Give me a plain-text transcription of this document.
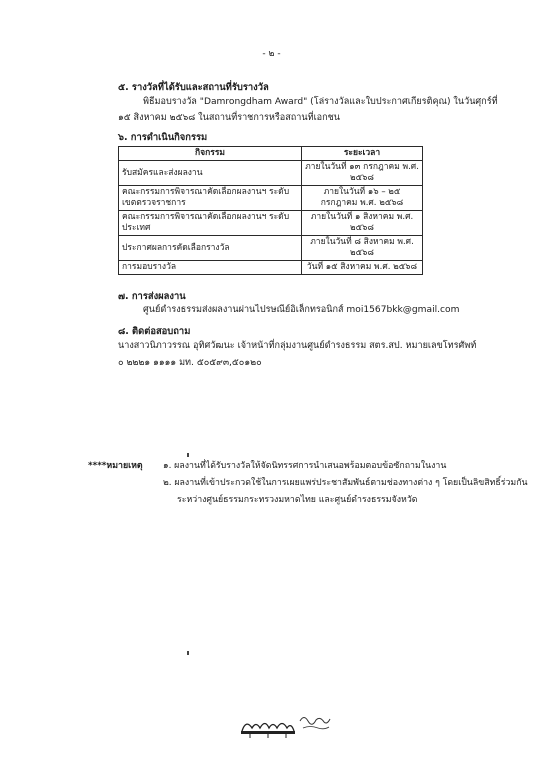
- ๒ -
๕. รางวัลที่ได้รับและสถานที่รับรางวัล
พิธีมอบรางวัล "Damrongdham Award" (โล่รางวัลและใบประกาศเกียรติคุณ) ในวันศุกร์ที่
๑๕ สิงหาคม ๒๕๖๘ ในสถานที่ราชการหรือสถานที่เอกชน
๖. การดำเนินกิจกรรม
กิจกรรม	ระยะเวลา
รับสมัครและส่งผลงาน	ภายในวันที่ ๑๓ กรกฎาคม พ.ศ. ๒๕๖๘
คณะกรรมการพิจารณาคัดเลือกผลงานฯ ระดับเขตตรวจราชการ	ภายในวันที่ ๑๖ – ๒๕ กรกฎาคม พ.ศ. ๒๕๖๘
คณะกรรมการพิจารณาคัดเลือกผลงานฯ ระดับประเทศ	ภายในวันที่ ๑ สิงหาคม พ.ศ. ๒๕๖๘
ประกาศผลการคัดเลือกรางวัล	ภายในวันที่ ๘ สิงหาคม พ.ศ. ๒๕๖๘
การมอบรางวัล	วันที่ ๑๕ สิงหาคม พ.ศ. ๒๕๖๘
๗. การส่งผลงาน
ศูนย์ดำรงธรรมส่งผลงานผ่านไปรษณีย์อิเล็กทรอนิกส์ moi1567bkk@gmail.com
๘. ติดต่อสอบถาม
นางสาวนิภาวรรณ อุทิศวัฒนะ เจ้าหน้าที่กลุ่มงานศูนย์ดำรงธรรม สตร.สป. หมายเลขโทรศัพท์
๐ ๒๒๒๑ ๑๑๑๑ มท. ๕๐๕๙๓,๕๐๑๒๐
****หมายเหตุ ๑. ผลงานที่ได้รับรางวัลให้จัดนิทรรศการนำเสนอพร้อมตอบข้อซักถามในงาน
๒. ผลงานที่เข้าประกวดใช้ในการเผยแพร่ประชาสัมพันธ์ตามช่องทางต่าง ๆ โดยเป็นลิขสิทธิ์ร่วมกัน
ระหว่างศูนย์ธรรมกระทรวงมหาดไทย และศูนย์ดำรงธรรมจังหวัด
